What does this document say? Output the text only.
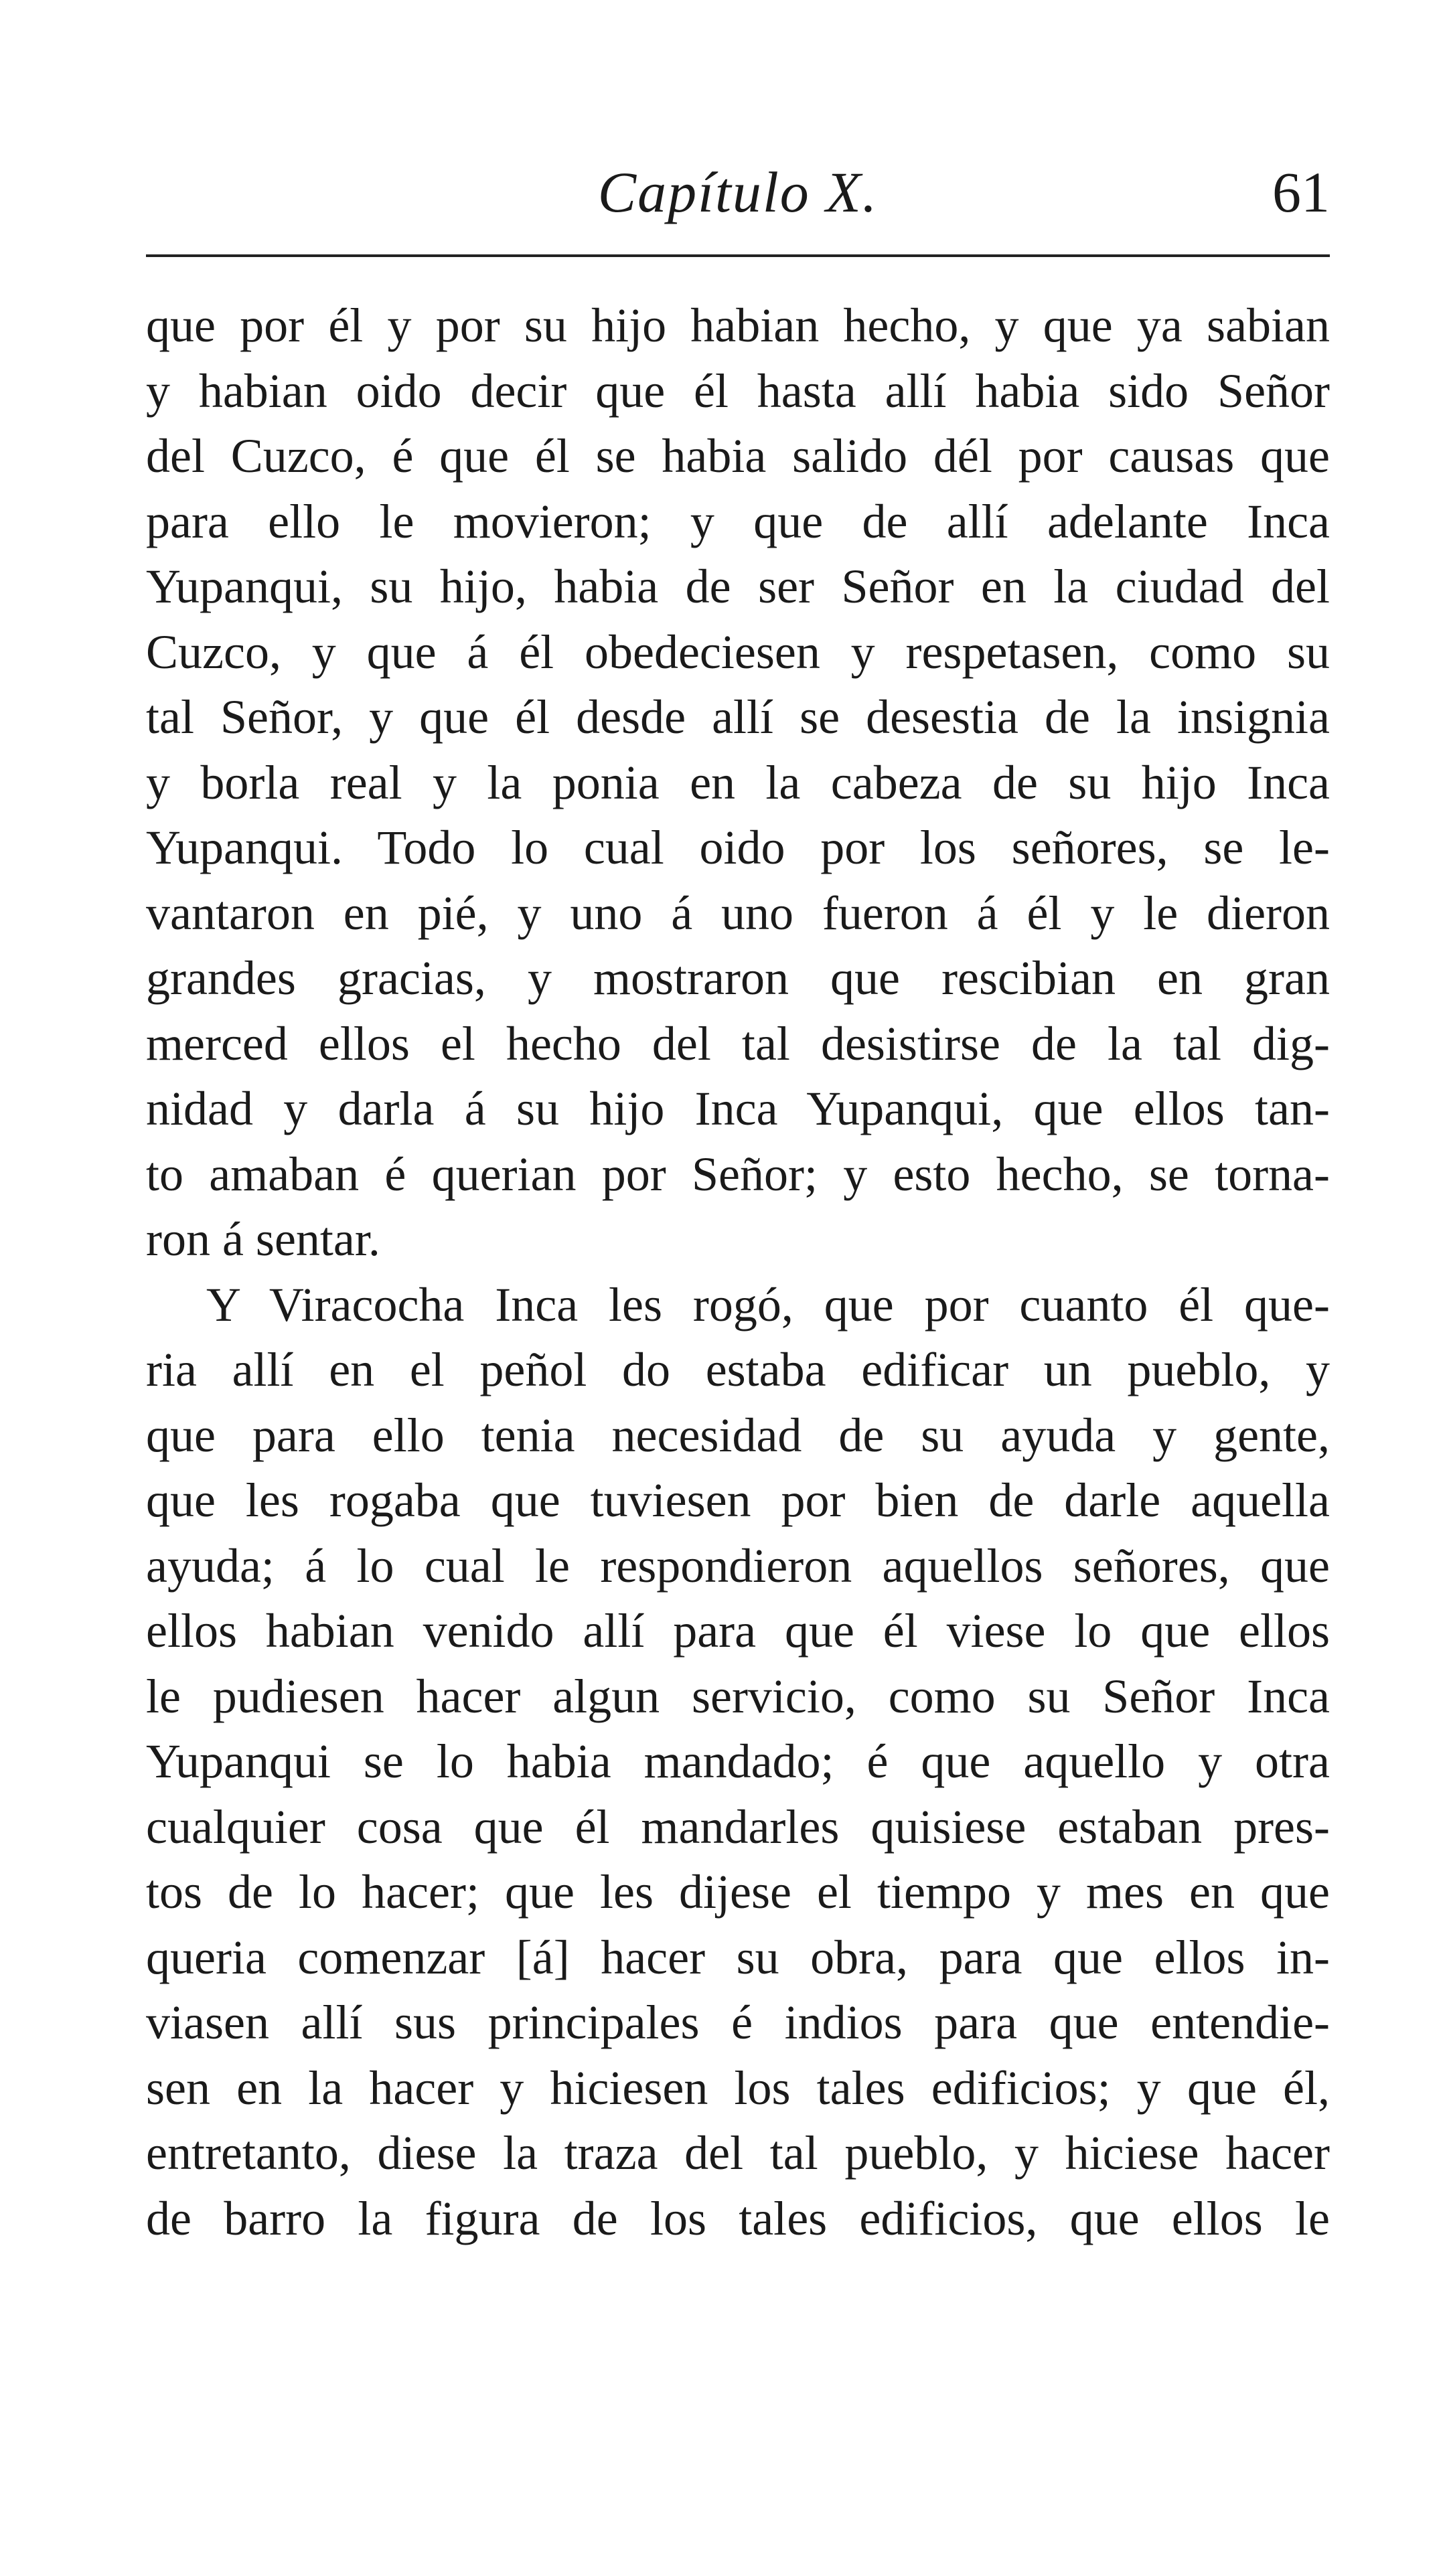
Capítulo X.	61
que por él y por su hijo habian hecho, y que ya sabian
y habian oido decir que él hasta allí habia sido Señor
del Cuzco, é que él se habia salido dél por causas que
para ello le movieron; y que de allí adelante Inca
Yupanqui, su hijo, habia de ser Señor en la ciudad del
Cuzco, y que á él obedeciesen y respetasen, como su
tal Señor, y que él desde allí se desestia de la insignia
y borla real y la ponia en la cabeza de su hijo Inca
Yupanqui. Todo lo cual oido por los señores, se le-
vantaron en pié, y uno á uno fueron á él y le dieron
grandes gracias, y mostraron que rescibian en gran
merced ellos el hecho del tal desistirse de la tal dig-
nidad y darla á su hijo Inca Yupanqui, que ellos tan-
to amaban é querian por Señor; y esto hecho, se torna-
ron á sentar.
Y Viracocha Inca les rogó, que por cuanto él que-
ria allí en el peñol do estaba edificar un pueblo, y
que para ello tenia necesidad de su ayuda y gente,
que les rogaba que tuviesen por bien de darle aquella
ayuda; á lo cual le respondieron aquellos señores, que
ellos habian venido allí para que él viese lo que ellos
le pudiesen hacer algun servicio, como su Señor Inca
Yupanqui se lo habia mandado; é que aquello y otra
cualquier cosa que él mandarles quisiese estaban pres-
tos de lo hacer; que les dijese el tiempo y mes en que
queria comenzar [á] hacer su obra, para que ellos in-
viasen allí sus principales é indios para que entendie-
sen en la hacer y hiciesen los tales edificios; y que él,
entretanto, diese la traza del tal pueblo, y hiciese hacer
de barro la figura de los tales edificios, que ellos le
